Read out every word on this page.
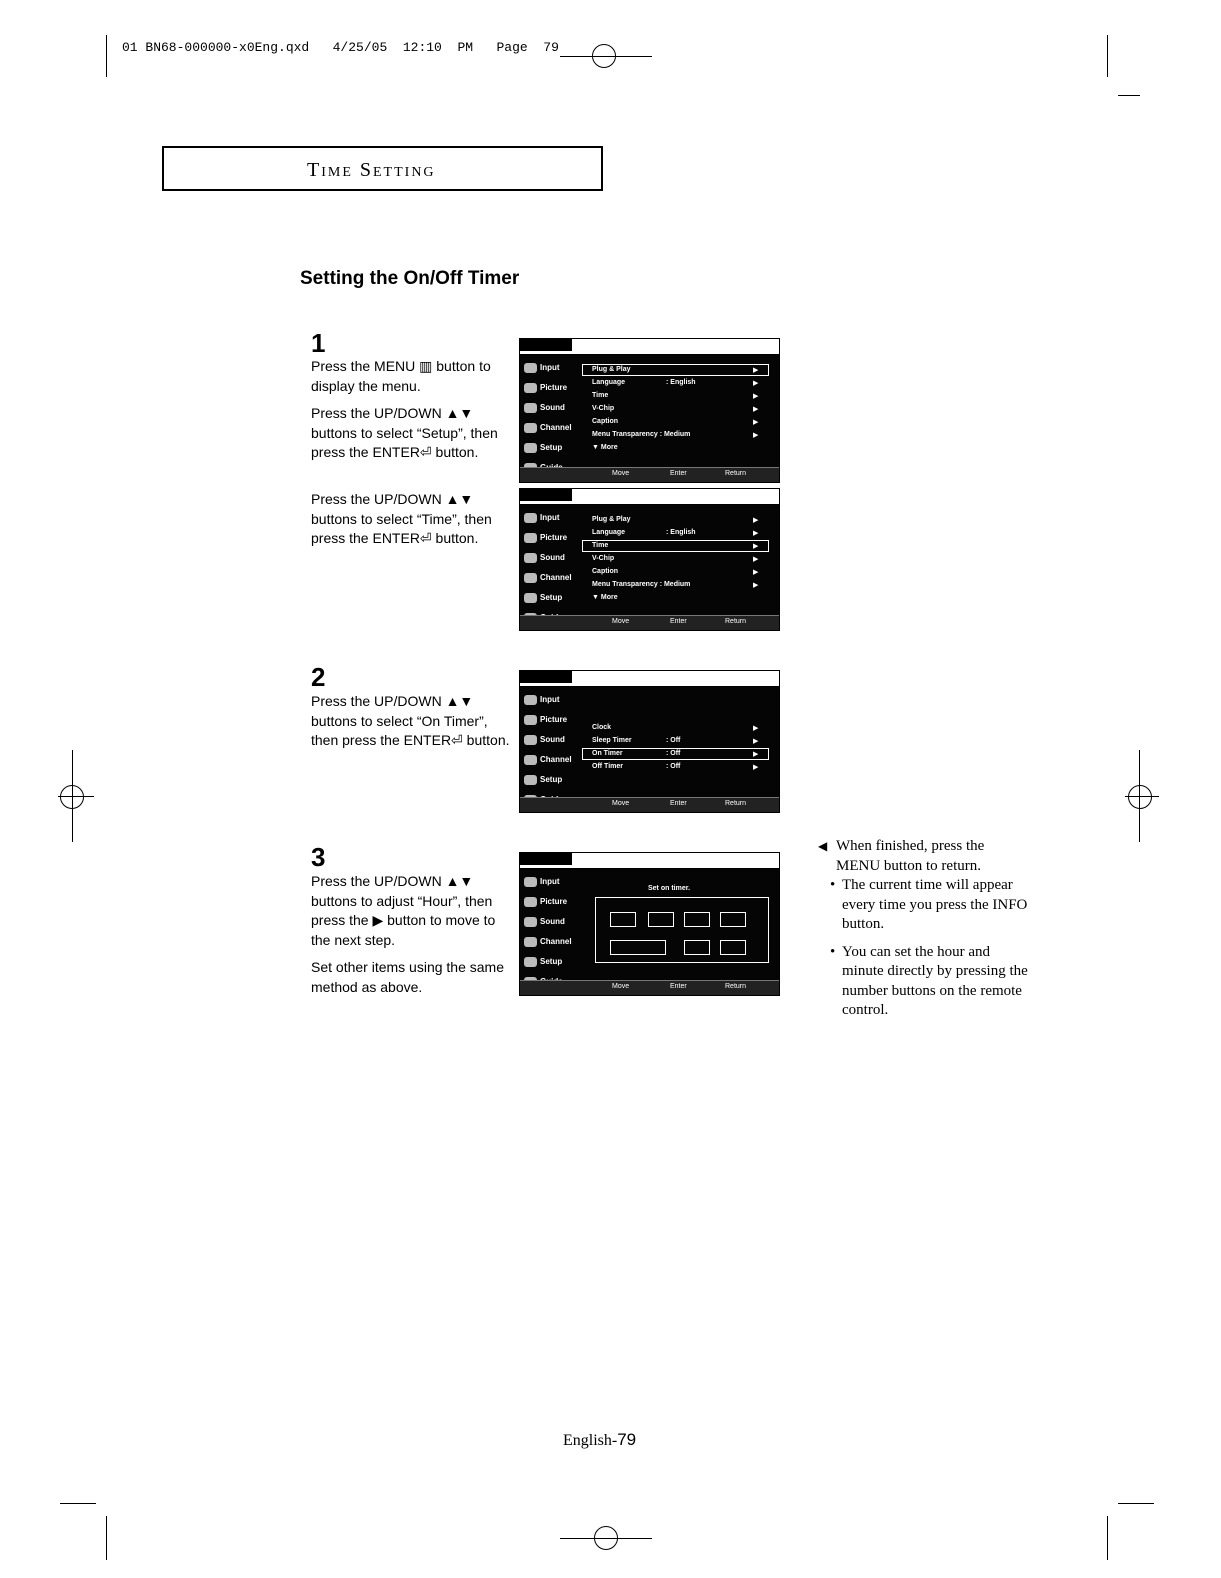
01 BN68-000000-x0Eng.qxd   4/25/05  12:10  PM   Page  79
Time Setting
Setting the On/Off Timer
1
Press the MENU ▥ button to display the menu.
Press the UP/DOWN ▲▼ buttons to select “Setup”, then press the ENTER⏎ button.
Press the UP/DOWN ▲▼ buttons to select “Time”, then press the ENTER⏎ button.
Input
Picture
Sound
Channel
Setup
Plug & Play	▶
Language	: English	▶
Time	▶
V-Chip	▶
Caption	▶
Menu Transparency : Medium	▶
▼ More
Move	Enter	Return
Input
Picture
Sound
Channel
Setup
Plug & Play	▶
Language	: English	▶
Time	▶
V-Chip	▶
Caption	▶
Menu Transparency : Medium	▶
▼ More
Move	Enter	Return
2
Press the UP/DOWN ▲▼ buttons to select “On Timer”, then press the ENTER⏎ button.
Input
Picture
Sound
Channel
Setup
Clock	▶
Sleep Timer	: Off	▶
On Timer	: Off	▶
Off Timer	: Off	▶
Move	Enter	Return
3
Press the UP/DOWN ▲▼ buttons to adjust “Hour”, then press the ▶ button to move to the next step.
Set other items using the same method as above.
Input
Picture
Sound
Channel
Setup
Set on timer.
Move	Enter	Return
◀ When finished, press the MENU button to return.
• The current time will appear every time you press the INFO button.
• You can set the hour and minute directly by pressing the number buttons on the remote control.
English-79
